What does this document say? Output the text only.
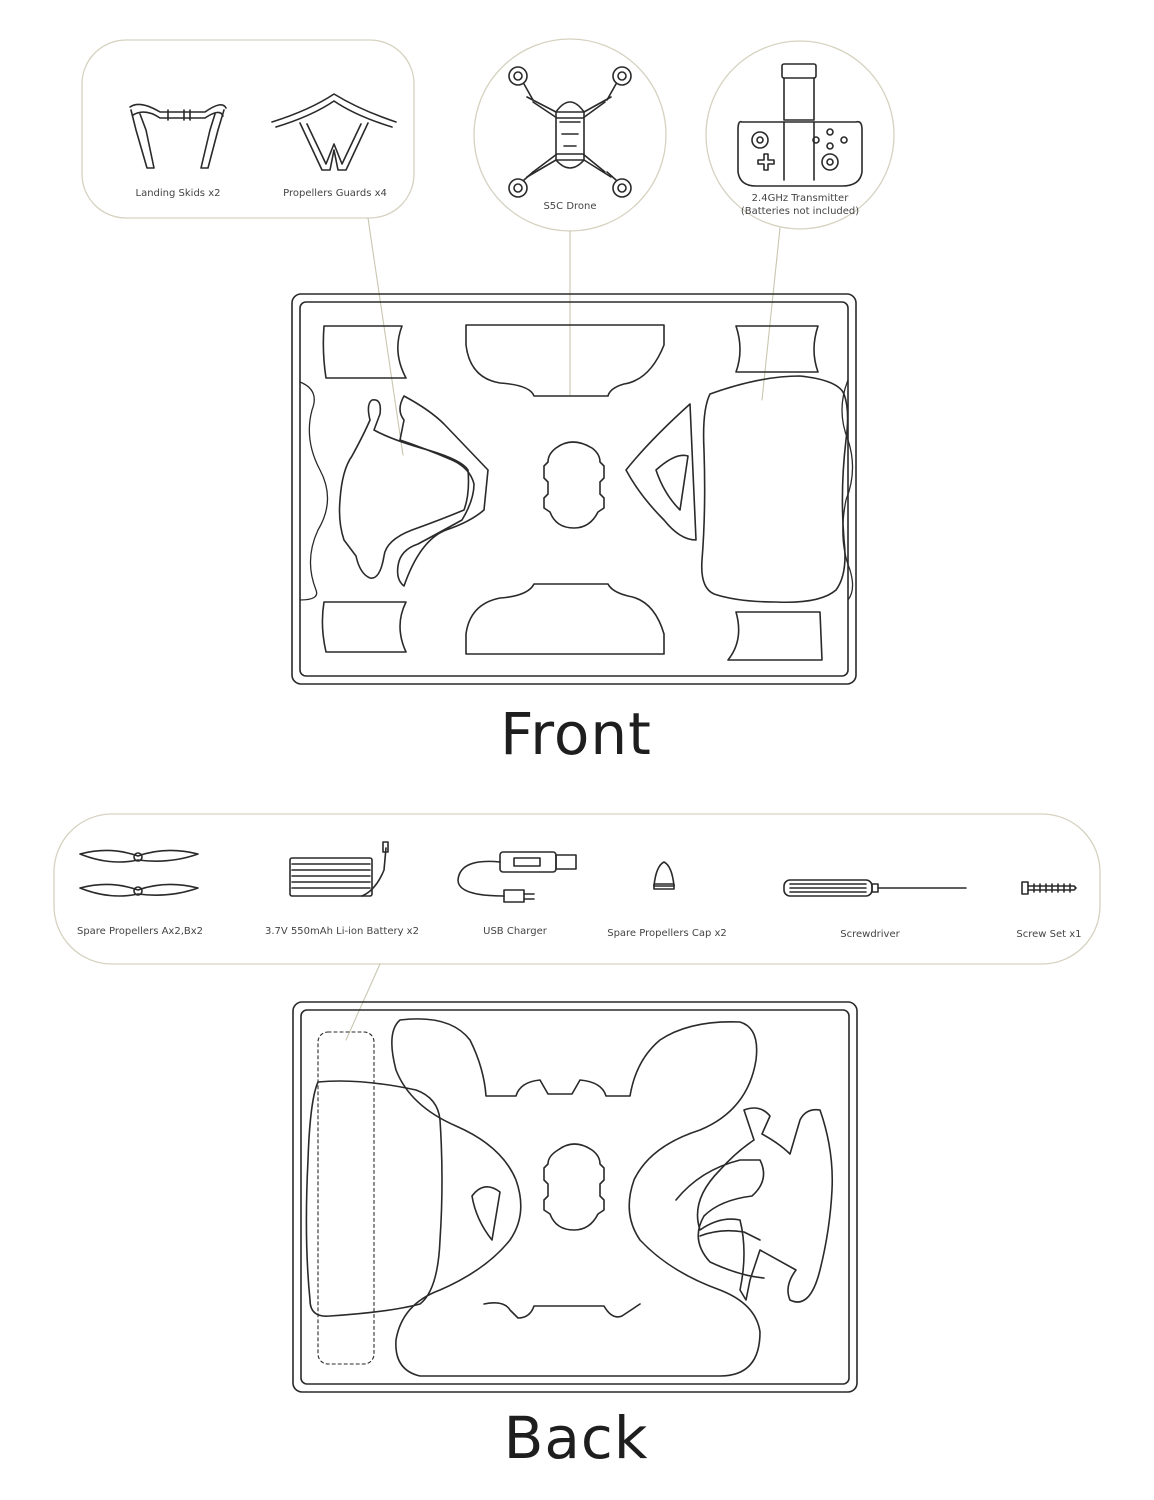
Landing Skids x2	Propellers Guards x4
S5C Drone
2.4GHz Transmitter
(Batteries not included)
Front
Spare Propellers Ax2,Bx2	3.7V 550mAh Li-ion Battery x2	USB Charger	Spare Propellers Cap x2	Screwdriver	Screw Set x1
Back
